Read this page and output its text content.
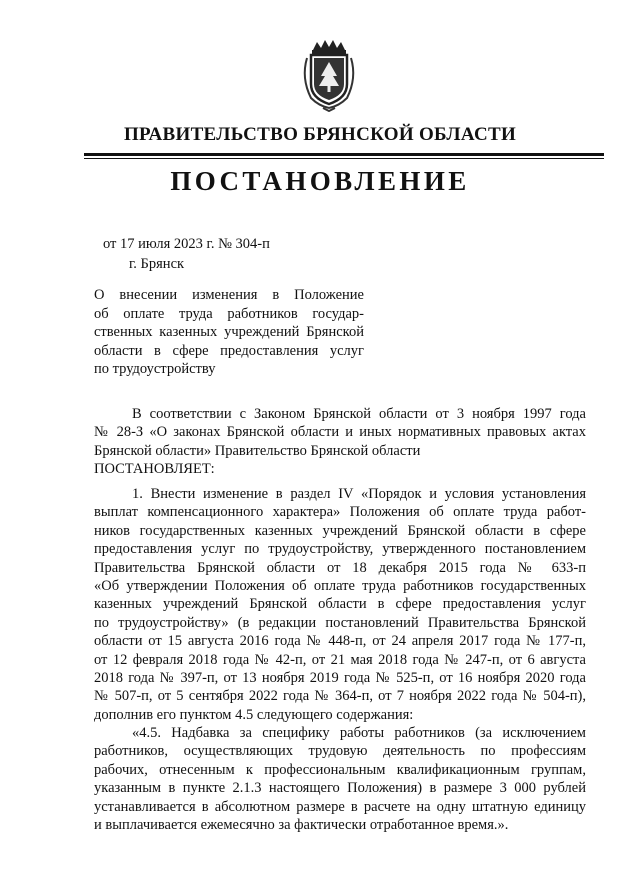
ПРАВИТЕЛЬСТВО БРЯНСКОЙ ОБЛАСТИ
ПОСТАНОВЛЕНИЕ
от 17 июля 2023 г. № 304-п
г. Брянск
О внесении изменения в Положение
об оплате труда работников государ-
ственных казенных учреждений Брянской
области в сфере предоставления услуг
по трудоустройству
В соответствии с Законом Брянской области от 3 ноября 1997 года
№ 28-З «О законах Брянской области и иных нормативных правовых актах
Брянской области» Правительство Брянской области
ПОСТАНОВЛЯЕТ:
1. Внести изменение в раздел IV «Порядок и условия установления
выплат компенсационного характера» Положения об оплате труда работ-
ников государственных казенных учреждений Брянской области в сфере
предоставления услуг по трудоустройству, утвержденного постановлением
Правительства Брянской области от 18 декабря 2015 года № 633-п
«Об утверждении Положения об оплате труда работников государственных
казенных учреждений Брянской области в сфере предоставления услуг
по трудоустройству» (в редакции постановлений Правительства Брянской
области от 15 августа 2016 года № 448-п, от 24 апреля 2017 года № 177-п,
от 12 февраля 2018 года № 42-п, от 21 мая 2018 года № 247-п, от 6 августа
2018 года № 397-п, от 13 ноября 2019 года № 525-п, от 16 ноября 2020 года
№ 507-п, от 5 сентября 2022 года № 364-п, от 7 ноября 2022 года № 504-п),
дополнив его пунктом 4.5 следующего содержания:
«4.5. Надбавка за специфику работы работников (за исключением
работников, осуществляющих трудовую деятельность по профессиям
рабочих, отнесенным к профессиональным квалификационным группам,
указанным в пункте 2.1.3 настоящего Положения) в размере 3 000 рублей
устанавливается в абсолютном размере в расчете на одну штатную единицу
и выплачивается ежемесячно за фактически отработанное время.».
